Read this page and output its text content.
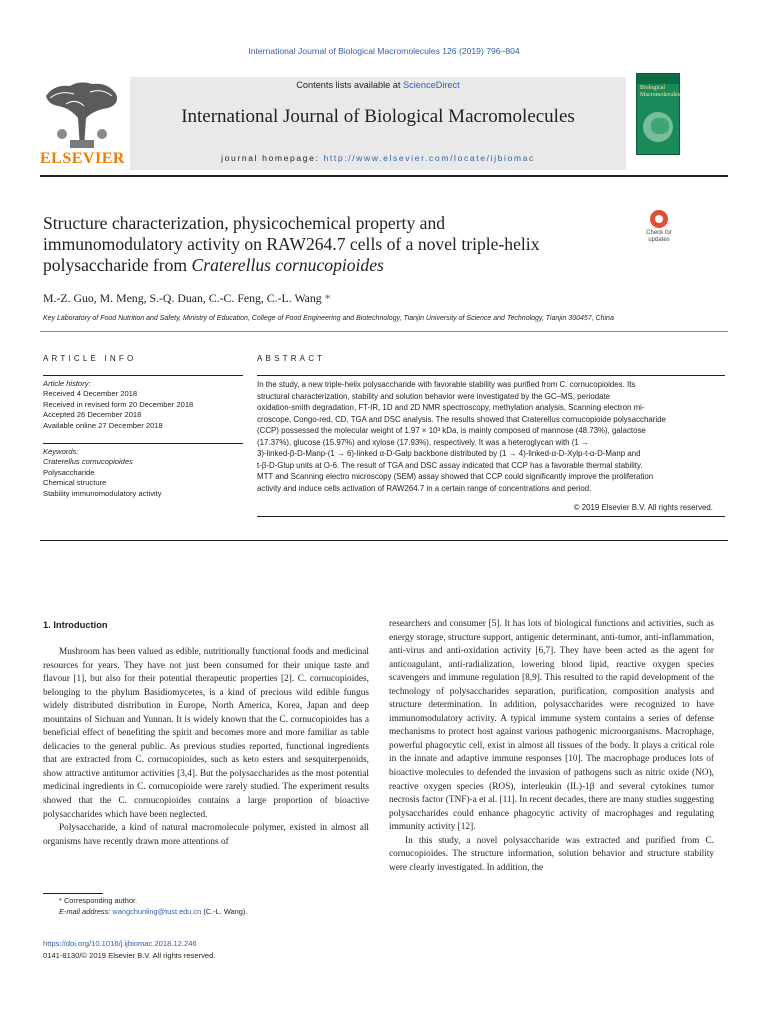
International Journal of Biological Macromolecules 126 (2019) 796–804
ELSEVIER
Contents lists available at ScienceDirect
International Journal of Biological Macromolecules
journal homepage: http://www.elsevier.com/locate/ijbiomac
Biological Macromolecules
Structure characterization, physicochemical property and
immunomodulatory activity on RAW264.7 cells of a novel triple-helix
polysaccharide from Craterellus cornucopioides
Check for updates
M.-Z. Guo, M. Meng, S.-Q. Duan, C.-C. Feng, C.-L. Wang *
Key Laboratory of Food Nutrition and Safety, Ministry of Education, College of Food Engineering and Biotechnology, Tianjin University of Science and Technology, Tianjin 300457, China
ARTICLE INFO	ABSTRACT
Article history:
Received 4 December 2018
Received in revised form 20 December 2018
Accepted 26 December 2018
Available online 27 December 2018
Keywords:
Craterellus cornucopioides
Polysaccharide
Chemical structure
Stability immunomodulatory activity
In the study, a new triple-helix polysaccharide with favorable stability was purified from C. cornucopioides. Its
structural characterization, stability and solution behavior were investigated by the GC–MS, periodate
oxidation-smith degradation, FT-IR, 1D and 2D NMR spectroscopy, methylation analysis, Scanning electron mi-
croscope, Congo-red, CD, TGA and DSC analysis. The results showed that Craterellus cornucopioide polysaccharide
(CCP) possessed the molecular weight of 1.97 × 10³ kDa, is mainly composed of mannose (48.73%), galactose
(17.37%), glucose (15.97%) and xylose (17.93%), respectively. It was a heteroglycan with (1 →
3)-linked-β-D-Manp-(1 → 6)-linked α-D-Galp backbone distributed by (1 → 4)-linked-α-D-Xylp-t-α-D-Manp and
t-β-D-Glup units at O-6. The result of TGA and DSC assay indicated that CCP has a favorable thermal stability.
MTT and Scanning electro microscopy (SEM) assay showed that CCP could significantly improve the proliferation
activity and induce cells activation of RAW264.7 in a certain range of concentrations and period.
© 2019 Elsevier B.V. All rights reserved.
1. Introduction

Mushroom has been valued as edible, nutritionally functional foods and medicinal resources for years. They have not just been consumed for their unique taste and flavour [1], but also for their potential therapeutic properties [2]. C. cornucopioides, belonging to the phylum Basidiomycetes, is a kind of precious wild edible fungus widely distributed distribution in Europe, North America, Korea, Japan and deep mountains of Sichuan and Yunnan. It is widely known that the C. cornucopioides has a beneficial effect of benefiting the spirit and becomes more and more familiar as table delicacies to the general public. As previous studies reported, functional ingredients that are extracted from C. cornucopioides, such as keto esters and sesquiterpenoids, show attractive antitumor activities [3,4]. But the polysaccharides as the most potential medicinal ingredients in C. cornucopioide were rarely studied. The experiment results showed that the C. cornucopioides contains a large proportion of bioactive polysaccharides which have been neglected.

Polysaccharide, a kind of natural macromolecule polymer, existed in almost all organisms have recently drawn more attentions of

researchers and consumer [5]. It has lots of biological functions and activities, such as energy storage, structure support, antigenic determinant, anti-tumor, anti-inflammation, anti-virus and anti-oxidation activity [6,7]. They have been acted as the agent for anticoagulant, anti-radialization, lowering blood lipid, reactive oxygen species scavengers and immune regulation [8,9]. This resulted to the rapid development of the technology of polysaccharides separation, purification, composition analysis and structure determination. In addition, polysaccharides were recognized to have immunomodulatory activity. A typical immune system contains a series of defense mechanisms to protect host against various pathogenic microorganisms. Macrophage, powerful phagocytic cell, exist in almost all tissues of the body. It plays a critical role in the innate and adaptive immune responses [10]. The macrophage produces lots of bioactive molecules to defended the invasion of pathogens such as nitric oxide (NO), reactive oxygen species (ROS), interleukin (IL)-1β and several cytokines tumor necrosis factor (TNF)-a et al. [11]. In recent decades, there are many studies suggesting polysaccharides could enhance phagocytic activity of macrophages and regulating immunity activity [12].

In this study, a novel polysaccharide was extracted and purified from C. cornucopioides. The structure information, solution behavior and structure stability were clearly investigated. In addition, the

* Corresponding author.
E-mail address: wangchunling@tust.edu.cn (C.-L. Wang).
https://doi.org/10.1016/j.ijbiomac.2018.12.246
0141-8130/© 2019 Elsevier B.V. All rights reserved.
